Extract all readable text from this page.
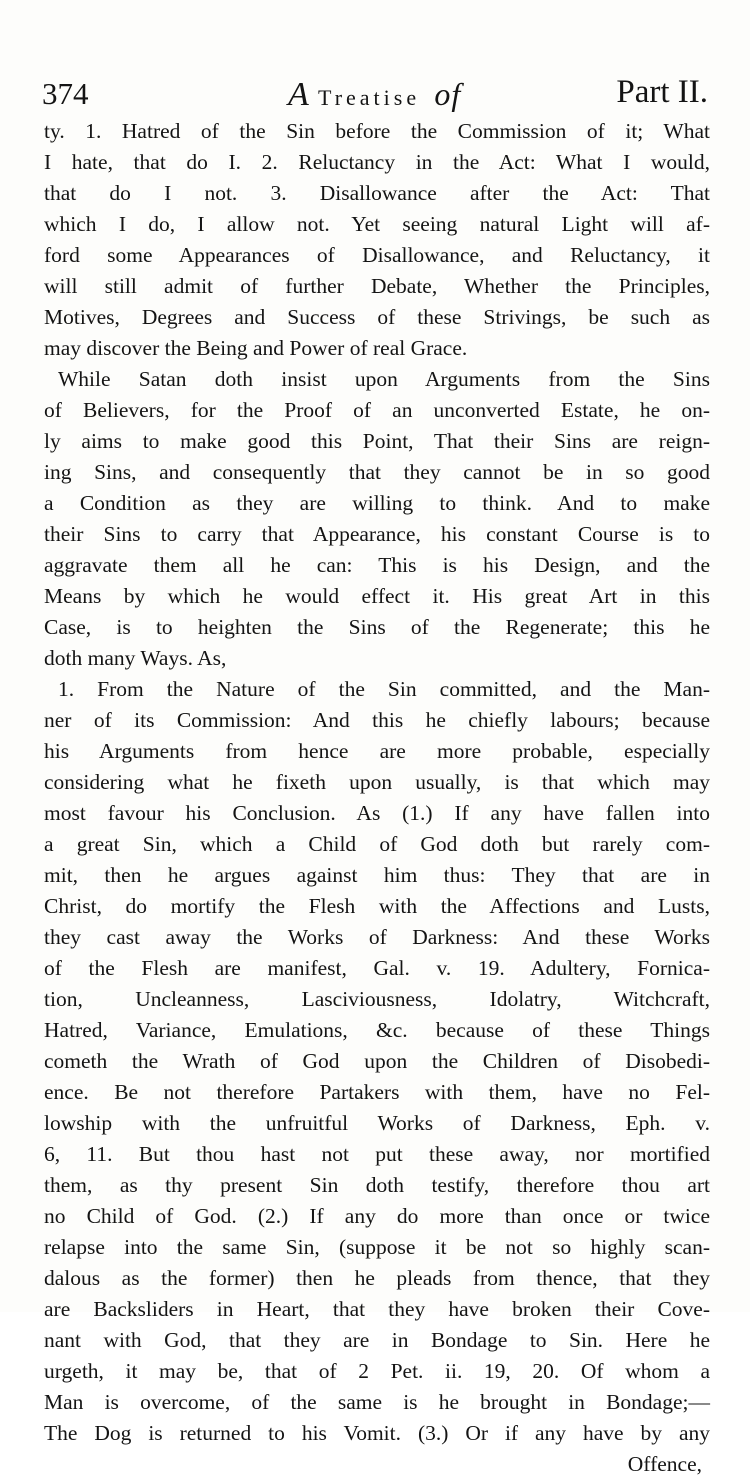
374	A Treatise of	Part II.
ty. 1. Hatred of the Sin before the Commission of it; What
I hate, that do I. 2. Reluctancy in the Act: What I would,
that do I not. 3. Disallowance after the Act: That
which I do, I allow not. Yet seeing natural Light will af-
ford some Appearances of Disallowance, and Reluctancy, it
will still admit of further Debate, Whether the Principles,
Motives, Degrees and Success of these Strivings, be such as
may discover the Being and Power of real Grace.
While Satan doth insist upon Arguments from the Sins
of Believers, for the Proof of an unconverted Estate, he on-
ly aims to make good this Point, That their Sins are reign-
ing Sins, and consequently that they cannot be in so good
a Condition as they are willing to think. And to make
their Sins to carry that Appearance, his constant Course is to
aggravate them all he can: This is his Design, and the
Means by which he would effect it. His great Art in this
Case, is to heighten the Sins of the Regenerate; this he
doth many Ways. As,
1. From the Nature of the Sin committed, and the Man-
ner of its Commission: And this he chiefly labours; because
his Arguments from hence are more probable, especially
considering what he fixeth upon usually, is that which may
most favour his Conclusion. As (1.) If any have fallen into
a great Sin, which a Child of God doth but rarely com-
mit, then he argues against him thus: They that are in
Christ, do mortify the Flesh with the Affections and Lusts,
they cast away the Works of Darkness: And these Works
of the Flesh are manifest, Gal. v. 19. Adultery, Fornica-
tion, Uncleanness, Lasciviousness, Idolatry, Witchcraft,
Hatred, Variance, Emulations, &c. because of these Things
cometh the Wrath of God upon the Children of Disobedi-
ence. Be not therefore Partakers with them, have no Fel-
lowship with the unfruitful Works of Darkness, Eph. v.
6, 11. But thou hast not put these away, nor mortified
them, as thy present Sin doth testify, therefore thou art
no Child of God. (2.) If any do more than once or twice
relapse into the same Sin, (suppose it be not so highly scan-
dalous as the former) then he pleads from thence, that they
are Backsliders in Heart, that they have broken their Cove-
nant with God, that they are in Bondage to Sin. Here he
urgeth, it may be, that of 2 Pet. ii. 19, 20. Of whom a
Man is overcome, of the same is he brought in Bondage;—
The Dog is returned to his Vomit. (3.) Or if any have by any
Offence,
